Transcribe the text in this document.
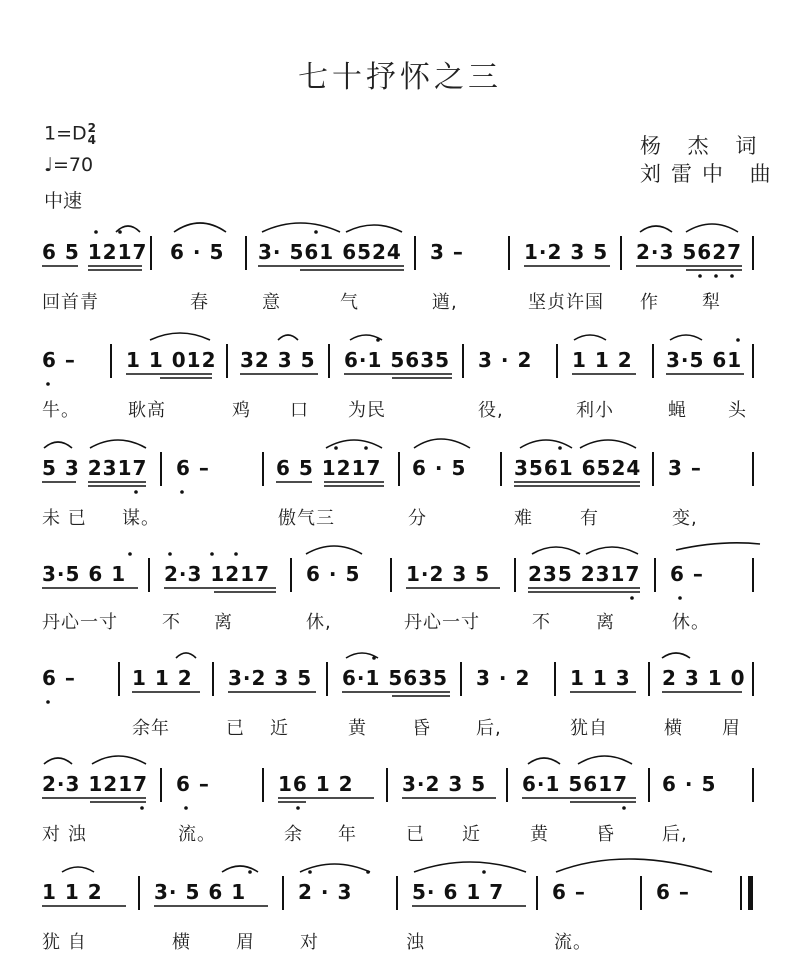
七十抒怀之三
1=D2
4
♩=70
中速
杨 杰 词
刘雷中 曲
6 5 1217 6 · 5 3· 561 6524 3 –	1·2 3 5 2·3 5627
回首青	春	意	气	遒,	坚贞许国 作 犁
6 –	1 1 012 32 3 5 6·1 5635 3 · 2 1 1 2 3·5 61
牛。	耿高	鸡 口 为民	役,	利小	蝇 头
5 3 2317 6 –	6 5 1217 6 · 5 3561 6524 3 –
未 已 谋。	傲气三	分	难	有	变,
3·5 6 1 2·3 1217 6 · 5 1·2 3 5 235 2317 6 –
丹心一寸 不 离	休,	丹心一寸	不	离	休。
6 –	1 1 2 3·2 3 5 6·1 5635 3 · 2 1 1 3 2 3 1 0
余年	已 近	黄	昏	后,	犹自	横 眉
2·3 1217 6 –	16 1 2 3·2 3 5 6·1 5617 6 · 5
对 浊	流。	余 年	已 近	黄	昏	后,
1 1 2	3· 5 6 1	2 · 3	5· 6 1 7 6 –	6 –
犹 自	横	眉	对	浊	流。
